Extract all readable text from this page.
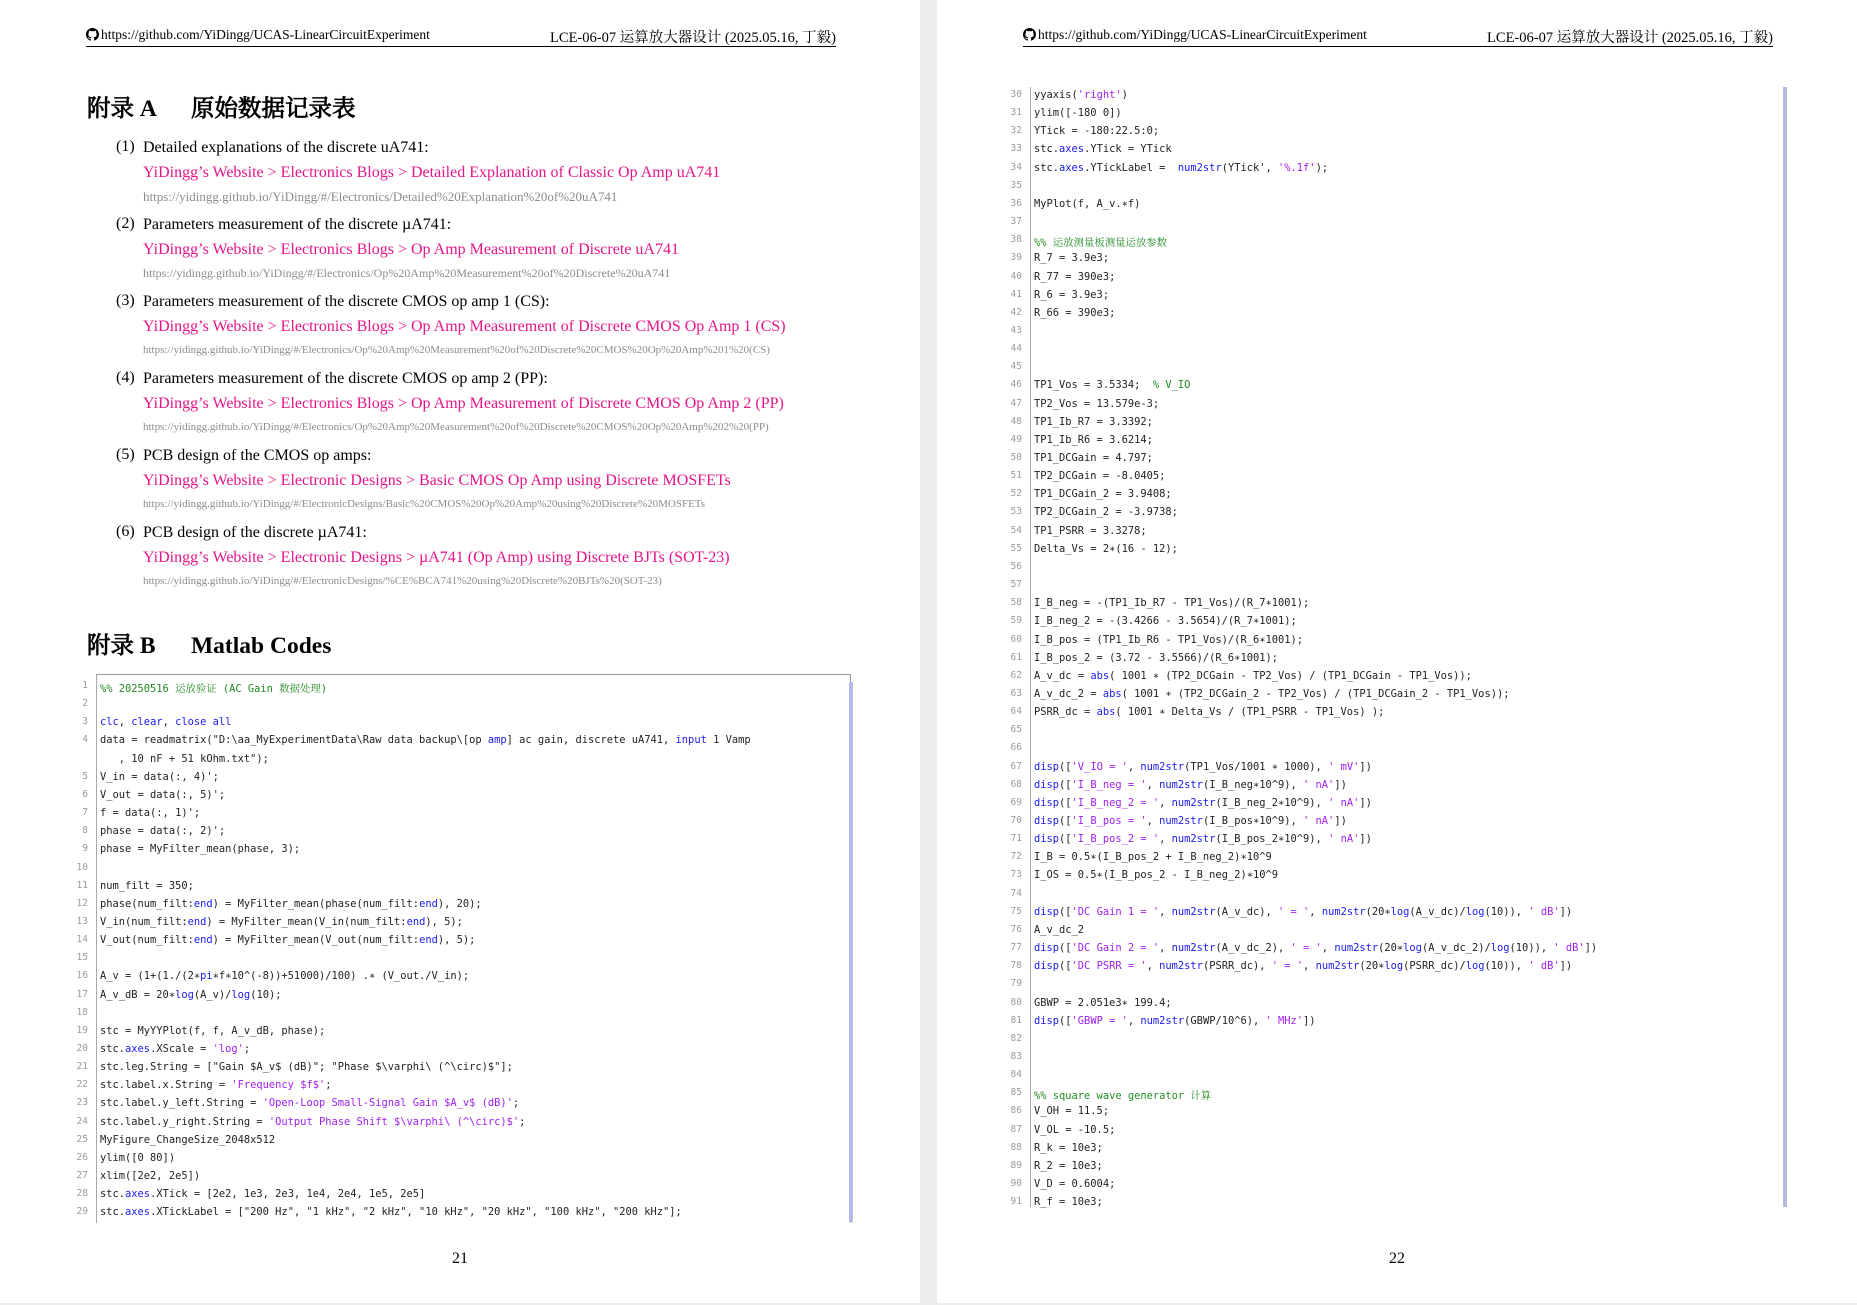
https://github.com/YiDingg/UCAS-LinearCircuitExperiment	LCE-06-07 运算放大器设计 (2025.05.16, 丁毅)
附录 A 原始数据记录表
(1) Detailed explanations of the discrete uA741:
YiDingg’s Website > Electronics Blogs > Detailed Explanation of Classic Op Amp uA741
https://yidingg.github.io/YiDingg/#/Electronics/Detailed%20Explanation%20of%20uA741
(2) Parameters measurement of the discrete µA741:
YiDingg’s Website > Electronics Blogs > Op Amp Measurement of Discrete uA741
https://yidingg.github.io/YiDingg/#/Electronics/Op%20Amp%20Measurement%20of%20Discrete%20uA741
(3) Parameters measurement of the discrete CMOS op amp 1 (CS):
YiDingg’s Website > Electronics Blogs > Op Amp Measurement of Discrete CMOS Op Amp 1 (CS)
https://yidingg.github.io/YiDingg/#/Electronics/Op%20Amp%20Measurement%20of%20Discrete%20CMOS%20Op%20Amp%201%20(CS)
(4) Parameters measurement of the discrete CMOS op amp 2 (PP):
YiDingg’s Website > Electronics Blogs > Op Amp Measurement of Discrete CMOS Op Amp 2 (PP)
https://yidingg.github.io/YiDingg/#/Electronics/Op%20Amp%20Measurement%20of%20Discrete%20CMOS%20Op%20Amp%202%20(PP)
(5) PCB design of the CMOS op amps:
YiDingg’s Website > Electronic Designs > Basic CMOS Op Amp using Discrete MOSFETs
https://yidingg.github.io/YiDingg/#/ElectronicDesigns/Basic%20CMOS%20Op%20Amp%20using%20Discrete%20MOSFETs
(6) PCB design of the discrete µA741:
YiDingg’s Website > Electronic Designs > µA741 (Op Amp) using Discrete BJTs (SOT-23)
https://yidingg.github.io/YiDingg/#/ElectronicDesigns/%CE%BCA741%20using%20Discrete%20BJTs%20(SOT-23)
附录 B Matlab Codes
1 %% 20250516 运放验证 (AC Gain 数据处理)
2
3 clc, clear, close all
4 data = readmatrix("D:\aa_MyExperimentData\Raw data backup\[op amp] ac gain, discrete uA741, input 1 Vamp
, 10 nF + 51 kOhm.txt");
5 V_in = data(:, 4)';
6 V_out = data(:, 5)';
7 f = data(:, 1)';
8 phase = data(:, 2)';
9 phase = MyFilter_mean(phase, 3);
10
11 num_filt = 350;
12 phase(num_filt:end) = MyFilter_mean(phase(num_filt:end), 20);
13 V_in(num_filt:end) = MyFilter_mean(V_in(num_filt:end), 5);
14 V_out(num_filt:end) = MyFilter_mean(V_out(num_filt:end), 5);
15
16 A_v = (1+(1./(2∗pi∗f∗10^(-8))+51000)/100) .∗ (V_out./V_in);
17 A_v_dB = 20∗log(A_v)/log(10);
18
19 stc = MyYYPlot(f, f, A_v_dB, phase);
20 stc.axes.XScale = 'log';
21 stc.leg.String = ["Gain $A_v$ (dB)"; "Phase $\varphi\ (^\circ)$"];
22 stc.label.x.String = 'Frequency $f$';
23 stc.label.y_left.String = 'Open-Loop Small-Signal Gain $A_v$ (dB)';
24 stc.label.y_right.String = 'Output Phase Shift $\varphi\ (^\circ)$';
25 MyFigure_ChangeSize_2048x512
26 ylim([0 80])
27 xlim([2e2, 2e5])
28 stc.axes.XTick = [2e2, 1e3, 2e3, 1e4, 2e4, 1e5, 2e5]
29 stc.axes.XTickLabel = ["200 Hz", "1 kHz", "2 kHz", "10 kHz", "20 kHz", "100 kHz", "200 kHz"];
21
https://github.com/YiDingg/UCAS-LinearCircuitExperiment	LCE-06-07 运算放大器设计 (2025.05.16, 丁毅)
30 yyaxis('right')
31 ylim([-180 0])
32 YTick = -180:22.5:0;
33 stc.axes.YTick = YTick
34 stc.axes.YTickLabel =  num2str(YTick', '%.1f');
35
36 MyPlot(f, A_v.∗f)
37
38 %% 运放测量板测量运放参数
39 R_7 = 3.9e3;
40 R_77 = 390e3;
41 R_6 = 3.9e3;
42 R_66 = 390e3;
43
44
45
46 TP1_Vos = 3.5334;  % V_IO
47 TP2_Vos = 13.579e-3;
48 TP1_Ib_R7 = 3.3392;
49 TP1_Ib_R6 = 3.6214;
50 TP1_DCGain = 4.797;
51 TP2_DCGain = -8.0405;
52 TP1_DCGain_2 = 3.9408;
53 TP2_DCGain_2 = -3.9738;
54 TP1_PSRR = 3.3278;
55 Delta_Vs = 2∗(16 - 12);
56
57
58 I_B_neg = -(TP1_Ib_R7 - TP1_Vos)/(R_7∗1001);
59 I_B_neg_2 = -(3.4266 - 3.5654)/(R_7∗1001);
60 I_B_pos = (TP1_Ib_R6 - TP1_Vos)/(R_6∗1001);
61 I_B_pos_2 = (3.72 - 3.5566)/(R_6∗1001);
62 A_v_dc = abs( 1001 ∗ (TP2_DCGain - TP2_Vos) / (TP1_DCGain - TP1_Vos));
63 A_v_dc_2 = abs( 1001 ∗ (TP2_DCGain_2 - TP2_Vos) / (TP1_DCGain_2 - TP1_Vos));
64 PSRR_dc = abs( 1001 ∗ Delta_Vs / (TP1_PSRR - TP1_Vos) );
65
66
67 disp(['V_IO = ', num2str(TP1_Vos/1001 ∗ 1000), ' mV'])
68 disp(['I_B_neg = ', num2str(I_B_neg∗10^9), ' nA'])
69 disp(['I_B_neg_2 = ', num2str(I_B_neg_2∗10^9), ' nA'])
70 disp(['I_B_pos = ', num2str(I_B_pos∗10^9), ' nA'])
71 disp(['I_B_pos_2 = ', num2str(I_B_pos_2∗10^9), ' nA'])
72 I_B = 0.5∗(I_B_pos_2 + I_B_neg_2)∗10^9
73 I_OS = 0.5∗(I_B_pos_2 - I_B_neg_2)∗10^9
74
75 disp(['DC Gain 1 = ', num2str(A_v_dc), ' = ', num2str(20∗log(A_v_dc)/log(10)), ' dB'])
76 A_v_dc_2
77 disp(['DC Gain 2 = ', num2str(A_v_dc_2), ' = ', num2str(20∗log(A_v_dc_2)/log(10)), ' dB'])
78 disp(['DC PSRR = ', num2str(PSRR_dc), ' = ', num2str(20∗log(PSRR_dc)/log(10)), ' dB'])
79
80 GBWP = 2.051e3∗ 199.4;
81 disp(['GBWP = ', num2str(GBWP/10^6), ' MHz'])
82
83
84
85 %% square wave generator 计算
86 V_OH = 11.5;
87 V_OL = -10.5;
88 R_k = 10e3;
89 R_2 = 10e3;
90 V_D = 0.6004;
91 R_f = 10e3;
22
